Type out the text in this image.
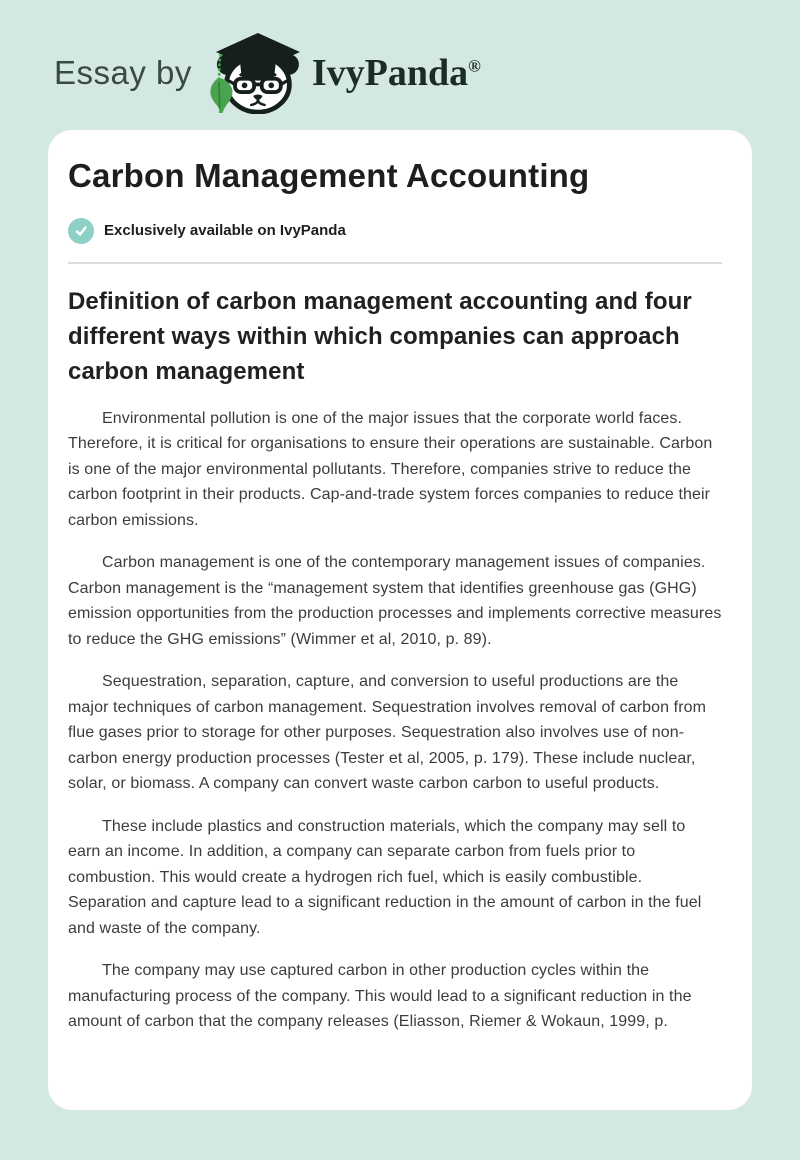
Essay by	IvyPanda®
Carbon Management Accounting
Exclusively available on IvyPanda
Definition of carbon management accounting and four different ways within which companies can approach carbon management

Environmental pollution is one of the major issues that the corporate world faces. Therefore, it is critical for organisations to ensure their operations are sustainable. Carbon is one of the major environmental pollutants. Therefore, companies strive to reduce the carbon footprint in their products. Cap-and-trade system forces companies to reduce their carbon emissions.

Carbon management is one of the contemporary management issues of companies. Carbon management is the “management system that identifies greenhouse gas (GHG) emission opportunities from the production processes and implements corrective measures to reduce the GHG emissions” (Wimmer et al, 2010, p. 89).

Sequestration, separation, capture, and conversion to useful productions are the major techniques of carbon management. Sequestration involves removal of carbon from flue gases prior to storage for other purposes. Sequestration also involves use of non-carbon energy production processes (Tester et al, 2005, p. 179). These include nuclear, solar, or biomass. A company can convert waste carbon carbon to useful products.

These include plastics and construction materials, which the company may sell to earn an income. In addition, a company can separate carbon from fuels prior to combustion. This would create a hydrogen rich fuel, which is easily combustible. Separation and capture lead to a significant reduction in the amount of carbon in the fuel and waste of the company.

The company may use captured carbon in other production cycles within the manufacturing process of the company. This would lead to a significant reduction in the amount of carbon that the company releases (Eliasson, Riemer & Wokaun, 1999, p.
